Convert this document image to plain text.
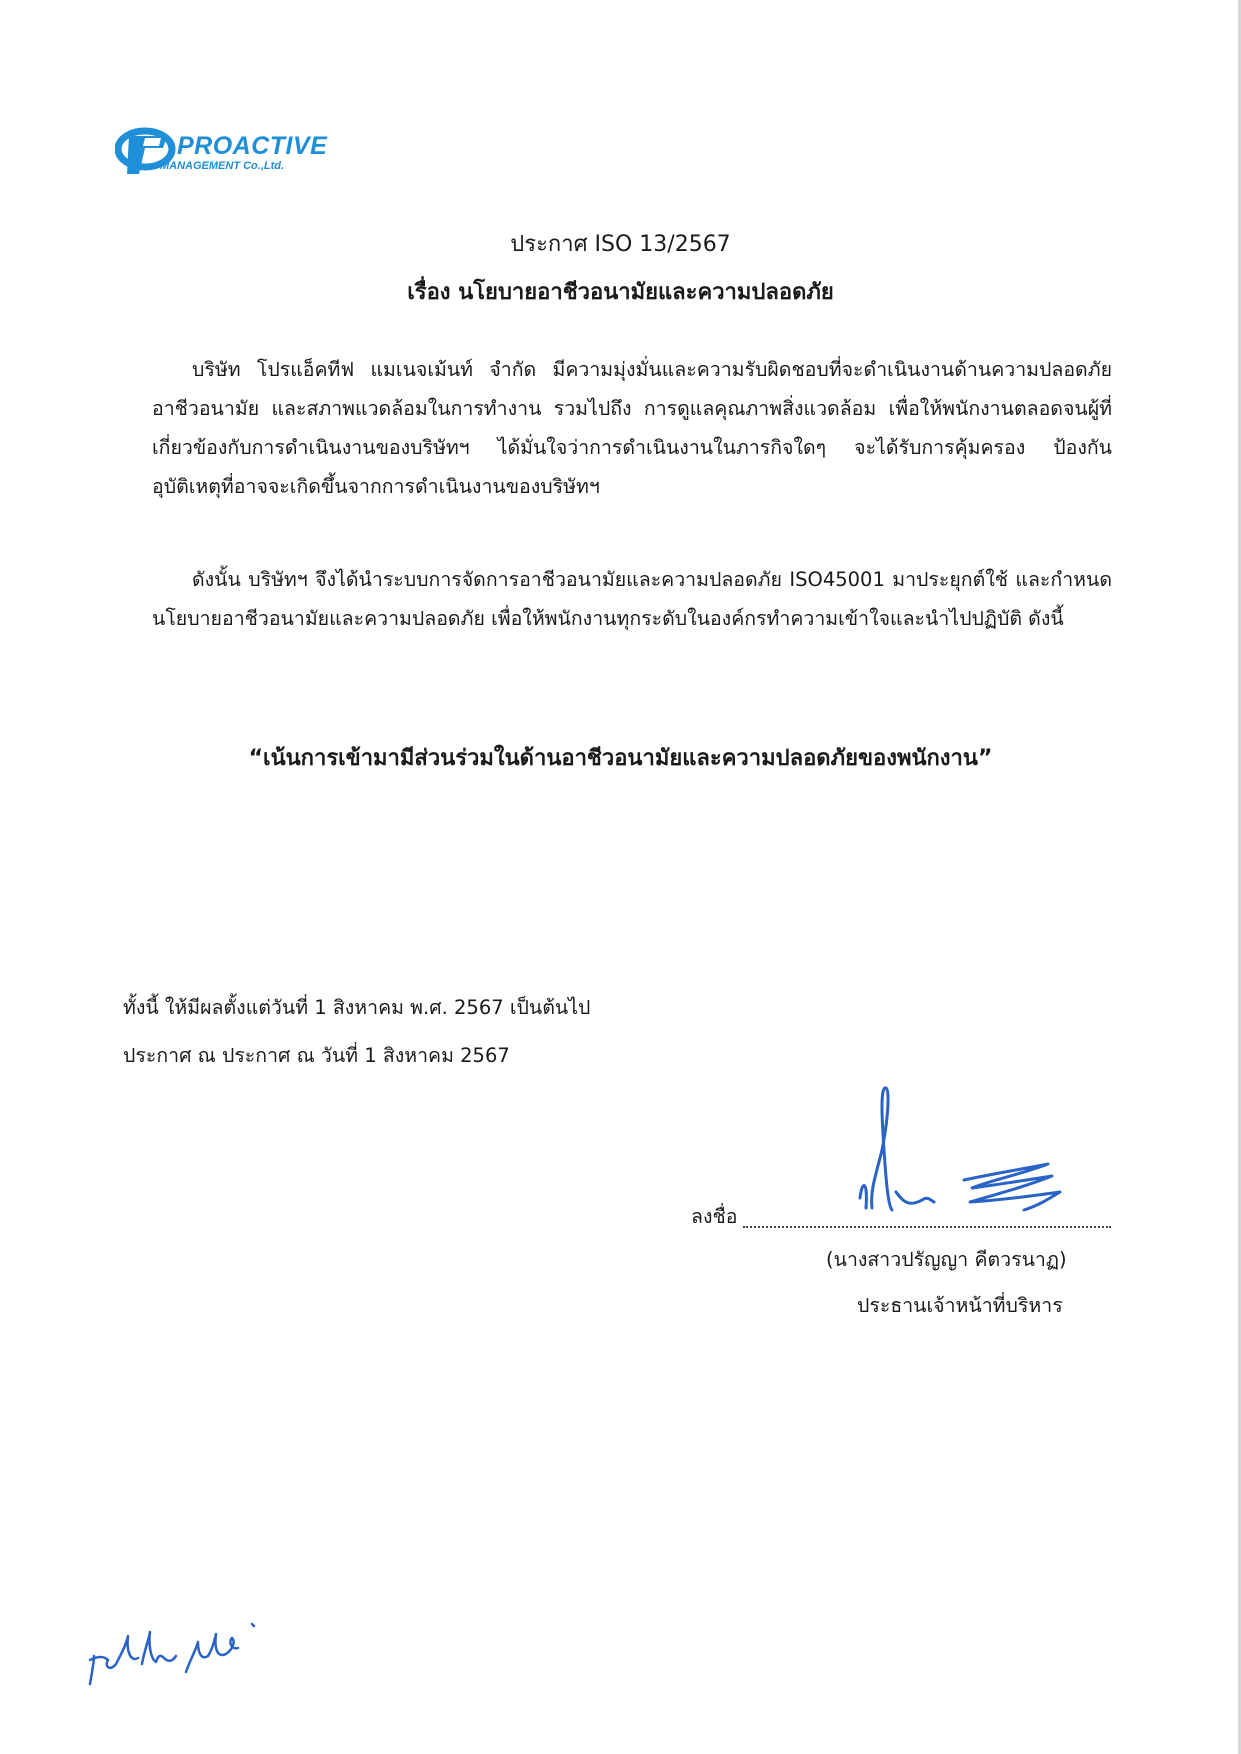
PROACTIVE
MANAGEMENT Co.,Ltd.
ประกาศ ISO 13/2567
เรื่อง นโยบายอาชีวอนามัยและความปลอดภัย
บริษัท โปรแอ็คทีฟ แมเนจเม้นท์ จำกัด มีความมุ่งมั่นและความรับผิดชอบที่จะดำเนินงานด้านความปลอดภัย อาชีวอนามัย และสภาพแวดล้อมในการทำงาน รวมไปถึง การดูแลคุณภาพสิ่งแวดล้อม เพื่อให้พนักงานตลอดจนผู้ที่เกี่ยวข้องกับการดำเนินงานของบริษัทฯ ได้มั่นใจว่าการดำเนินงานในภารกิจใดๆ จะได้รับการคุ้มครอง ป้องกันอุบัติเหตุที่อาจจะเกิดขึ้นจากการดำเนินงานของบริษัทฯ
ดังนั้น บริษัทฯ จึงได้นำระบบการจัดการอาชีวอนามัยและความปลอดภัย ISO45001 มาประยุกต์ใช้ และกำหนดนโยบายอาชีวอนามัยและความปลอดภัย เพื่อให้พนักงานทุกระดับในองค์กรทำความเข้าใจและนำไปปฏิบัติ ดังนี้
“เน้นการเข้ามามีส่วนร่วมในด้านอาชีวอนามัยและความปลอดภัยของพนักงาน”
ทั้งนี้ ให้มีผลตั้งแต่วันที่ 1 สิงหาคม พ.ศ. 2567 เป็นต้นไป
ประกาศ ณ ประกาศ ณ วันที่ 1 สิงหาคม 2567
ลงชื่อ
(นางสาวปรัญญา คีตวรนาฏ)
ประธานเจ้าหน้าที่บริหาร
